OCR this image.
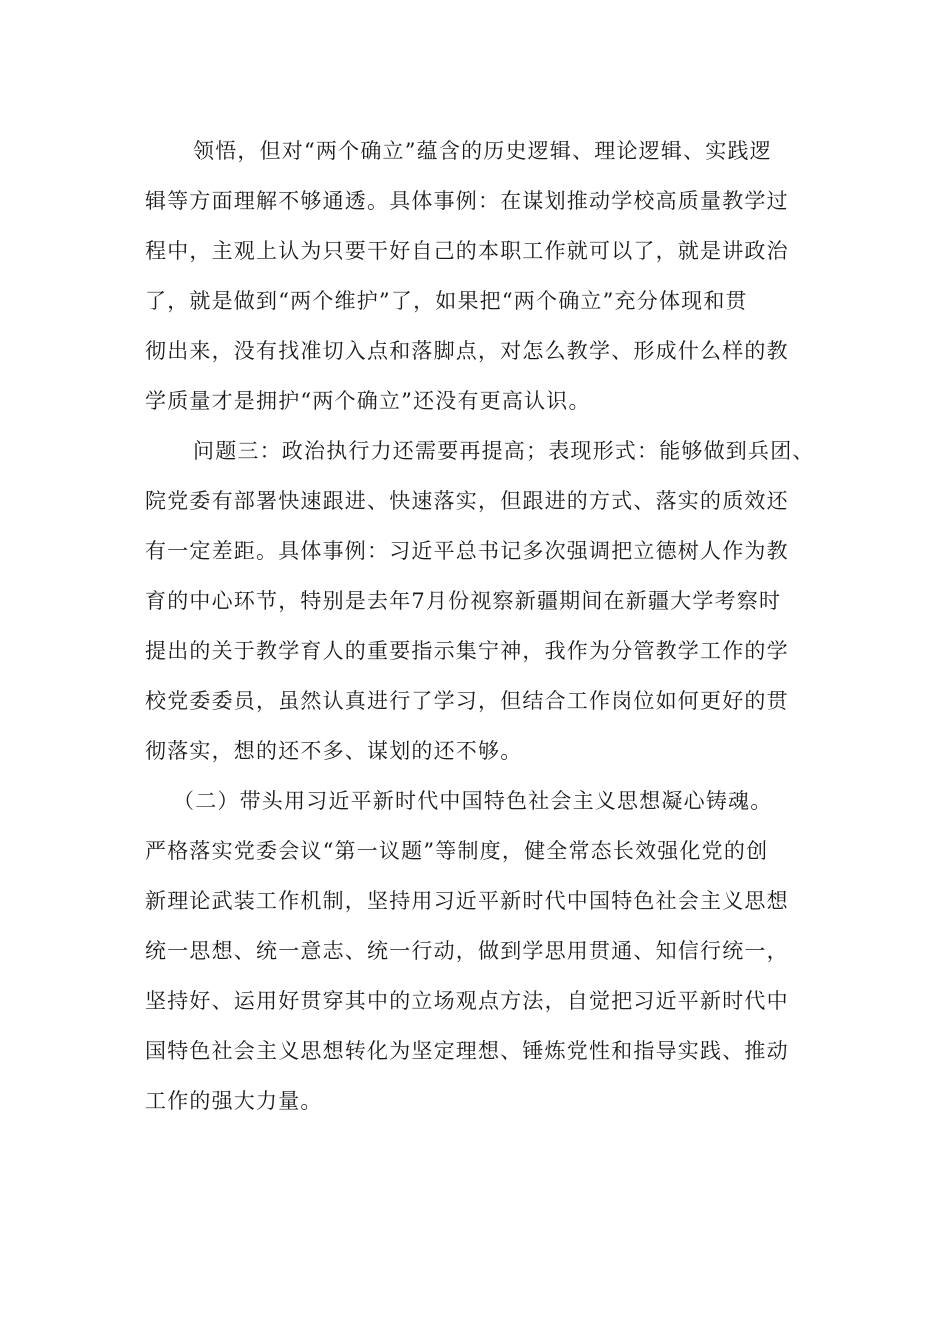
领悟，但对“两个确立”蕴含的历史逻辑、理论逻辑、实践逻
辑等方面理解不够通透。具体事例：在谋划推动学校高质量教学过
程中，主观上认为只要干好自己的本职工作就可以了，就是讲政治
了，就是做到“两个维护”了，如果把“两个确立”充分体现和贯
彻出来，没有找准切入点和落脚点，对怎么教学、形成什么样的教
学质量才是拥护“两个确立”还没有更高认识。
问题三：政治执行力还需要再提高；表现形式：能够做到兵团、
院党委有部署快速跟进、快速落实，但跟进的方式、落实的质效还
有一定差距。具体事例：习近平总书记多次强调把立德树人作为教
育的中心环节，特别是去年7月份视察新疆期间在新疆大学考察时
提出的关于教学育人的重要指示集宁神，我作为分管教学工作的学
校党委委员，虽然认真进行了学习，但结合工作岗位如何更好的贯
彻落实，想的还不多、谋划的还不够。
（二）带头用习近平新时代中国特色社会主义思想凝心铸魂。
严格落实党委会议“第一议题”等制度，健全常态长效强化党的创
新理论武装工作机制，坚持用习近平新时代中国特色社会主义思想
统一思想、统一意志、统一行动，做到学思用贯通、知信行统一，
坚持好、运用好贯穿其中的立场观点方法，自觉把习近平新时代中
国特色社会主义思想转化为坚定理想、锤炼党性和指导实践、推动
工作的强大力量。
